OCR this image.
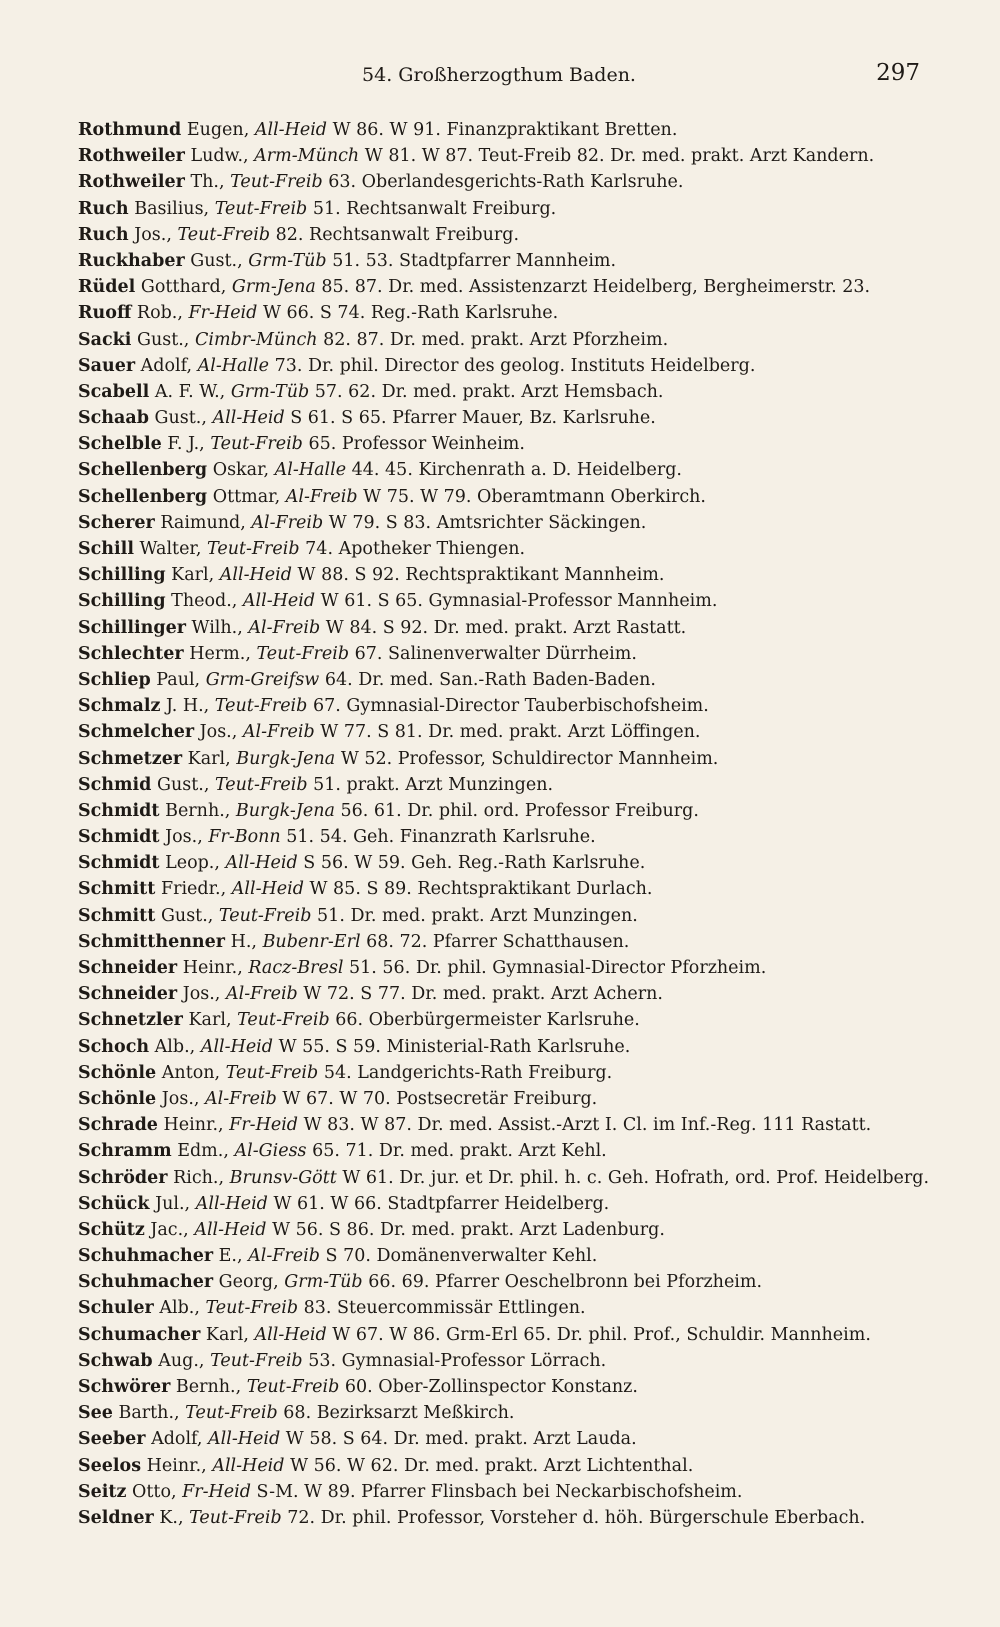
54. Großherzogthum Baden.	297
Rothmund Eugen, All-Heid W 86. W 91. Finanzpraktikant Bretten.
Rothweiler Ludw., Arm-Münch W 81. W 87. Teut-Freib 82. Dr. med. prakt. Arzt Kandern.
Rothweiler Th., Teut-Freib 63. Oberlandesgerichts-Rath Karlsruhe.
Ruch Basilius, Teut-Freib 51. Rechtsanwalt Freiburg.
Ruch Jos., Teut-Freib 82. Rechtsanwalt Freiburg.
Ruckhaber Gust., Grm-Tüb 51. 53. Stadtpfarrer Mannheim.
Rüdel Gotthard, Grm-Jena 85. 87. Dr. med. Assistenzarzt Heidelberg, Bergheimerstr. 23.
Ruoff Rob., Fr-Heid W 66. S 74. Reg.-Rath Karlsruhe.
Sacki Gust., Cimbr-Münch 82. 87. Dr. med. prakt. Arzt Pforzheim.
Sauer Adolf, Al-Halle 73. Dr. phil. Director des geolog. Instituts Heidelberg.
Scabell A. F. W., Grm-Tüb 57. 62. Dr. med. prakt. Arzt Hemsbach.
Schaab Gust., All-Heid S 61. S 65. Pfarrer Mauer, Bz. Karlsruhe.
Schelble F. J., Teut-Freib 65. Professor Weinheim.
Schellenberg Oskar, Al-Halle 44. 45. Kirchenrath a. D. Heidelberg.
Schellenberg Ottmar, Al-Freib W 75. W 79. Oberamtmann Oberkirch.
Scherer Raimund, Al-Freib W 79. S 83. Amtsrichter Säckingen.
Schill Walter, Teut-Freib 74. Apotheker Thiengen.
Schilling Karl, All-Heid W 88. S 92. Rechtspraktikant Mannheim.
Schilling Theod., All-Heid W 61. S 65. Gymnasial-Professor Mannheim.
Schillinger Wilh., Al-Freib W 84. S 92. Dr. med. prakt. Arzt Rastatt.
Schlechter Herm., Teut-Freib 67. Salinenverwalter Dürrheim.
Schliep Paul, Grm-Greifsw 64. Dr. med. San.-Rath Baden-Baden.
Schmalz J. H., Teut-Freib 67. Gymnasial-Director Tauberbischofsheim.
Schmelcher Jos., Al-Freib W 77. S 81. Dr. med. prakt. Arzt Löffingen.
Schmetzer Karl, Burgk-Jena W 52. Professor, Schuldirector Mannheim.
Schmid Gust., Teut-Freib 51. prakt. Arzt Munzingen.
Schmidt Bernh., Burgk-Jena 56. 61. Dr. phil. ord. Professor Freiburg.
Schmidt Jos., Fr-Bonn 51. 54. Geh. Finanzrath Karlsruhe.
Schmidt Leop., All-Heid S 56. W 59. Geh. Reg.-Rath Karlsruhe.
Schmitt Friedr., All-Heid W 85. S 89. Rechtspraktikant Durlach.
Schmitt Gust., Teut-Freib 51. Dr. med. prakt. Arzt Munzingen.
Schmitthenner H., Bubenr-Erl 68. 72. Pfarrer Schatthausen.
Schneider Heinr., Racz-Bresl 51. 56. Dr. phil. Gymnasial-Director Pforzheim.
Schneider Jos., Al-Freib W 72. S 77. Dr. med. prakt. Arzt Achern.
Schnetzler Karl, Teut-Freib 66. Oberbürgermeister Karlsruhe.
Schoch Alb., All-Heid W 55. S 59. Ministerial-Rath Karlsruhe.
Schönle Anton, Teut-Freib 54. Landgerichts-Rath Freiburg.
Schönle Jos., Al-Freib W 67. W 70. Postsecretär Freiburg.
Schrade Heinr., Fr-Heid W 83. W 87. Dr. med. Assist.-Arzt I. Cl. im Inf.-Reg. 111 Rastatt.
Schramm Edm., Al-Giess 65. 71. Dr. med. prakt. Arzt Kehl.
Schröder Rich., Brunsv-Gött W 61. Dr. jur. et Dr. phil. h. c. Geh. Hofrath, ord. Prof. Heidelberg.
Schück Jul., All-Heid W 61. W 66. Stadtpfarrer Heidelberg.
Schütz Jac., All-Heid W 56. S 86. Dr. med. prakt. Arzt Ladenburg.
Schuhmacher E., Al-Freib S 70. Domänenverwalter Kehl.
Schuhmacher Georg, Grm-Tüb 66. 69. Pfarrer Oeschelbronn bei Pforzheim.
Schuler Alb., Teut-Freib 83. Steuercommissär Ettlingen.
Schumacher Karl, All-Heid W 67. W 86. Grm-Erl 65. Dr. phil. Prof., Schuldir. Mannheim.
Schwab Aug., Teut-Freib 53. Gymnasial-Professor Lörrach.
Schwörer Bernh., Teut-Freib 60. Ober-Zollinspector Konstanz.
See Barth., Teut-Freib 68. Bezirksarzt Meßkirch.
Seeber Adolf, All-Heid W 58. S 64. Dr. med. prakt. Arzt Lauda.
Seelos Heinr., All-Heid W 56. W 62. Dr. med. prakt. Arzt Lichtenthal.
Seitz Otto, Fr-Heid S-M. W 89. Pfarrer Flinsbach bei Neckarbischofsheim.
Seldner K., Teut-Freib 72. Dr. phil. Professor, Vorsteher d. höh. Bürgerschule Eberbach.
